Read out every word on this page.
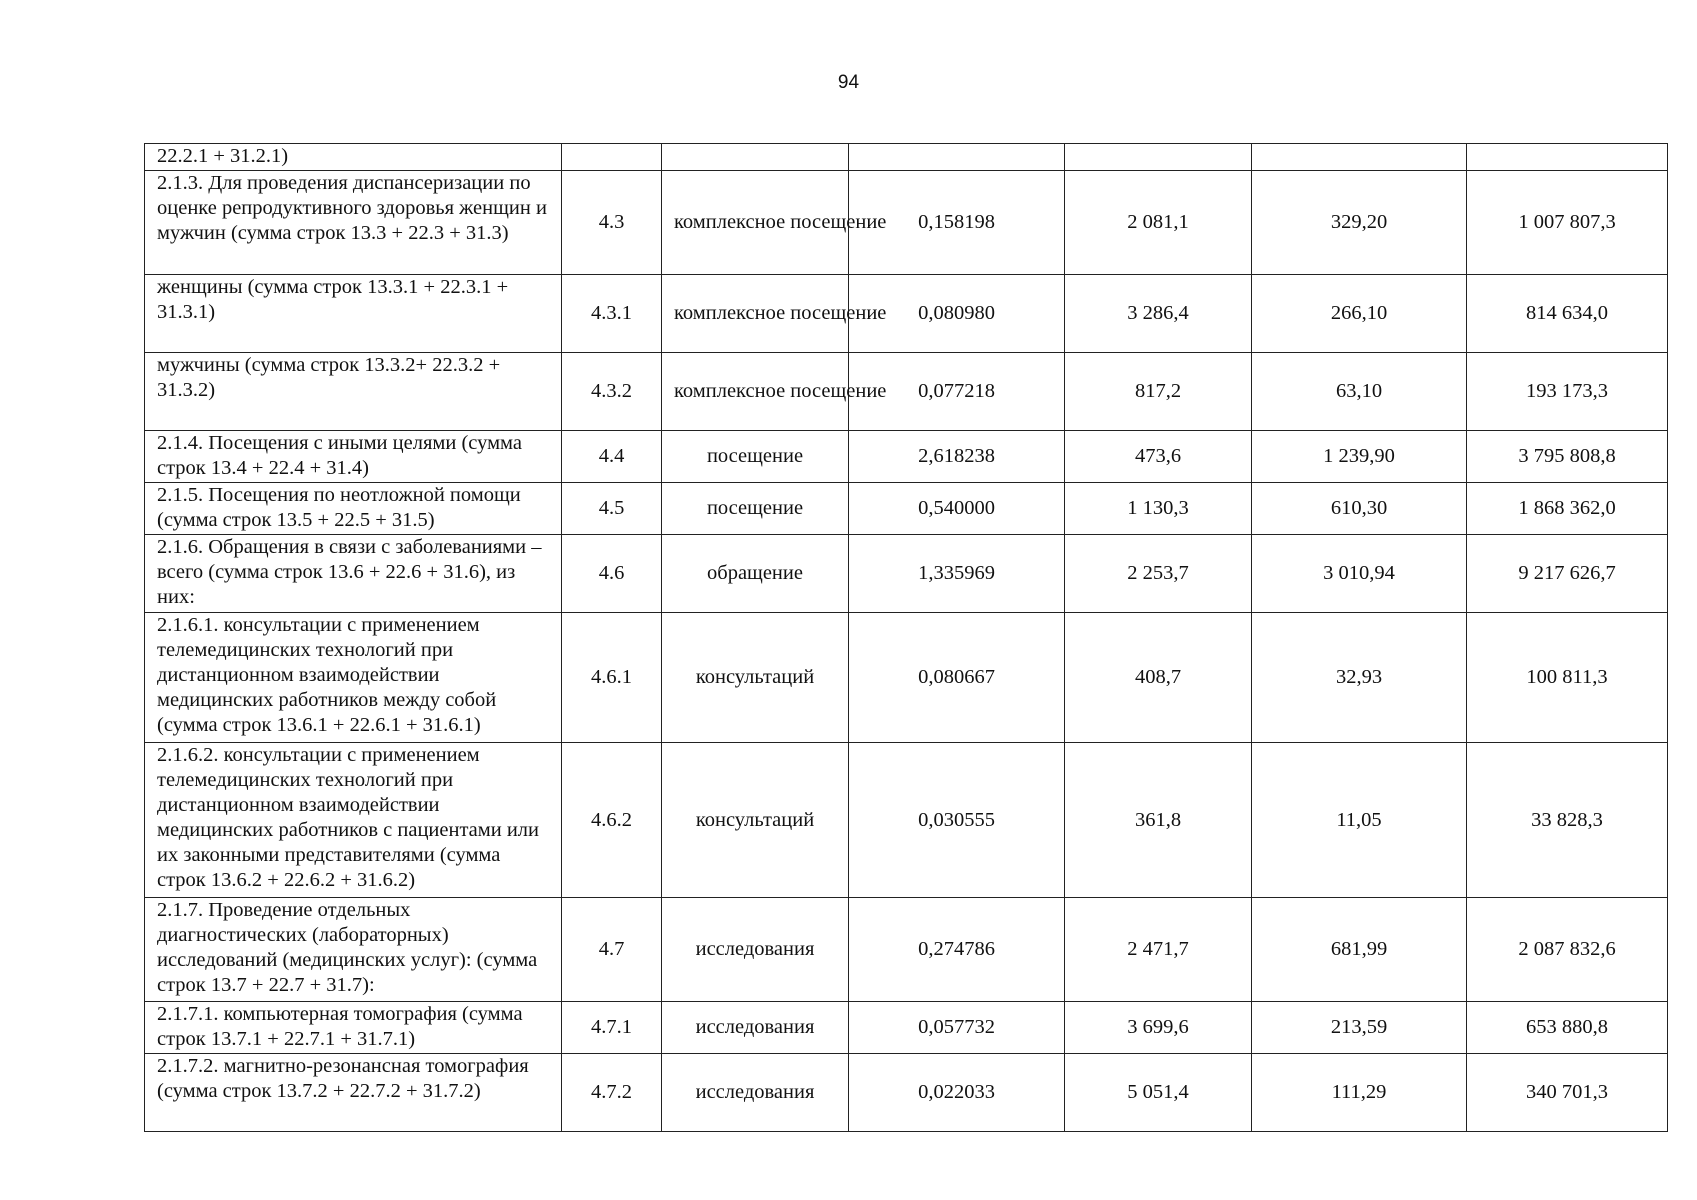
94
22.2.1 + 31.2.1)						
2.1.3. Для проведения диспансеризации по оценке репродуктивного здоровья женщин и мужчин (сумма строк 13.3 + 22.3 + 31.3)	4.3	комплексное посещение	0,158198	2 081,1	329,20	1 007 807,3
женщины (сумма строк 13.3.1 + 22.3.1 + 31.3.1)	4.3.1	комплексное посещение	0,080980	3 286,4	266,10	814 634,0
мужчины (сумма строк 13.3.2+ 22.3.2 + 31.3.2)	4.3.2	комплексное посещение	0,077218	817,2	63,10	193 173,3
2.1.4. Посещения с иными целями (сумма строк 13.4 + 22.4 + 31.4)	4.4	посещение	2,618238	473,6	1 239,90	3 795 808,8
2.1.5. Посещения по неотложной помощи (сумма строк 13.5 + 22.5 + 31.5)	4.5	посещение	0,540000	1 130,3	610,30	1 868 362,0
2.1.6. Обращения в связи с заболеваниями – всего (сумма строк 13.6 + 22.6 + 31.6), из них:	4.6	обращение	1,335969	2 253,7	3 010,94	9 217 626,7
2.1.6.1. консультации с применением телемедицинских технологий при дистанционном взаимодействии медицинских работников между собой (сумма строк 13.6.1 + 22.6.1 + 31.6.1)	4.6.1	консультаций	0,080667	408,7	32,93	100 811,3
2.1.6.2. консультации с применением телемедицинских технологий при дистанционном взаимодействии медицинских работников с пациентами или их законными представителями (сумма строк 13.6.2 + 22.6.2 + 31.6.2)	4.6.2	консультаций	0,030555	361,8	11,05	33 828,3
2.1.7. Проведение отдельных диагностических (лабораторных) исследований (медицинских услуг): (сумма строк 13.7 + 22.7 + 31.7):	4.7	исследования	0,274786	2 471,7	681,99	2 087 832,6
2.1.7.1. компьютерная томография (сумма строк 13.7.1 + 22.7.1 + 31.7.1)	4.7.1	исследования	0,057732	3 699,6	213,59	653 880,8
2.1.7.2. магнитно-резонансная томография (сумма строк 13.7.2 + 22.7.2 + 31.7.2)	4.7.2	исследования	0,022033	5 051,4	111,29	340 701,3
